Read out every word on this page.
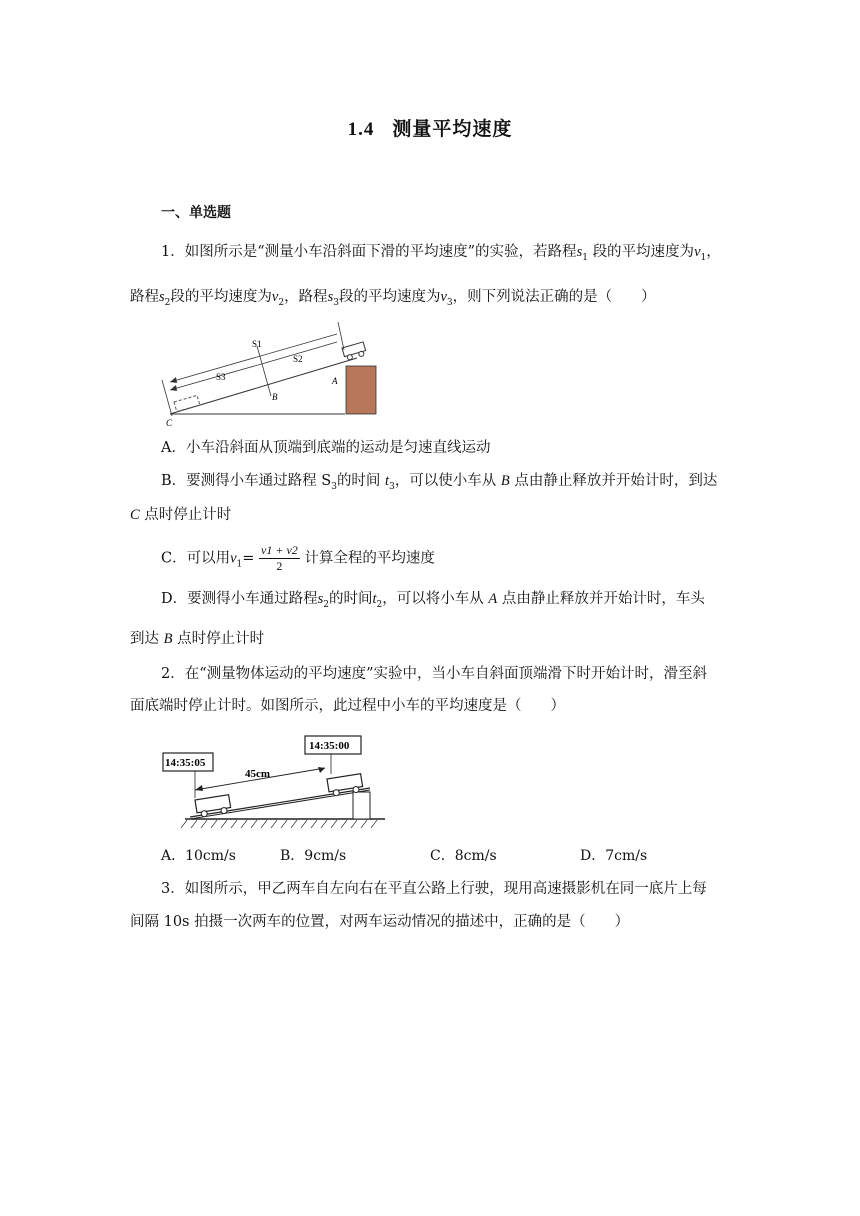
1.4 测量平均速度
一、单选题
1．如图所示是“测量小车沿斜面下滑的平均速度”的实验，若路程$s_1$ 段的平均速度为$v_1$，
路程$s_2$段的平均速度为$v_2$，路程$s_3$段的平均速度为$v_3$，则下列说法正确的是（　　）
S1
S2
S3	A
B
C
A．小车沿斜面从顶端到底端的运动是匀速直线运动
B．要测得小车通过路程 $S_3$的时间 $t_3$，可以使小车从 B 点由静止释放并开始计时，到达
C 点时停止计时
C．可以用$v_1= \frac{v1 + v2}{2}$ 计算全程的平均速度
D．要测得小车通过路程$s_2$的时间$t_2$，可以将小车从 A 点由静止释放并开始计时，车头
到达 B 点时停止计时
2．在“测量物体运动的平均速度”实验中，当小车自斜面顶端滑下时开始计时，滑至斜
面底端时停止计时。如图所示，此过程中小车的平均速度是（　　）
14:35:00
14:35:05
45cm
A．10cm/s	B．9cm/s	C．8cm/s	D．7cm/s
3．如图所示，甲乙两车自左向右在平直公路上行驶，现用高速摄影机在同一底片上每
间隔 10s 拍摄一次两车的位置，对两车运动情况的描述中，正确的是（　　）
